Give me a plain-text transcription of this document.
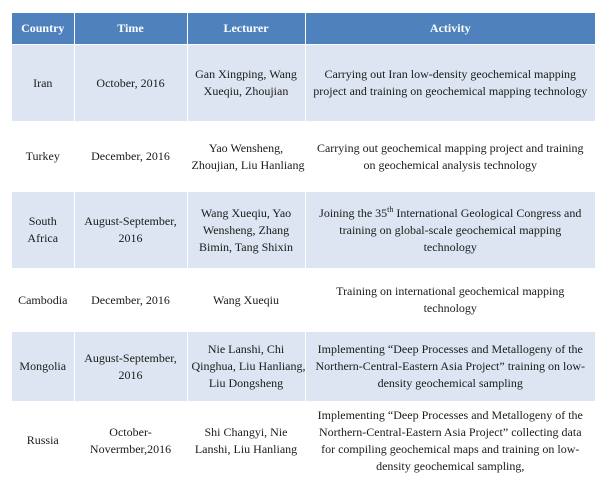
Country	Time	Lecturer	Activity

Iran	October, 2016	Gan Xingping, Wang
Xueqiu, Zhoujian	Carrying out Iran low-density geochemical mapping
project and training on geochemical mapping technology

Turkey	December, 2016	Yao Wensheng,
Zhoujian, Liu Hanliang	Carrying out geochemical mapping project and training
on geochemical analysis technology

South
Africa	August-September,
2016	Wang Xueqiu, Yao
Wensheng, Zhang
Bimin, Tang Shixin	Joining the 35th International Geological Congress and
training on global-scale geochemical mapping
technology

Cambodia	December, 2016	Wang Xueqiu	Training on international geochemical mapping
technology

Mongolia	August-September,
2016	Nie Lanshi, Chi
Qinghua, Liu Hanliang,
Liu Dongsheng	Implementing “Deep Processes and Metallogeny of the
Northern-Central-Eastern Asia Project” training on low-
density geochemical sampling

Russia	October-
Novermber,2016	Shi Changyi, Nie
Lanshi, Liu Hanliang	Implementing “Deep Processes and Metallogeny of the
Northern-Central-Eastern Asia Project” collecting data
for compiling geochemical maps and training on low-
density geochemical sampling,
